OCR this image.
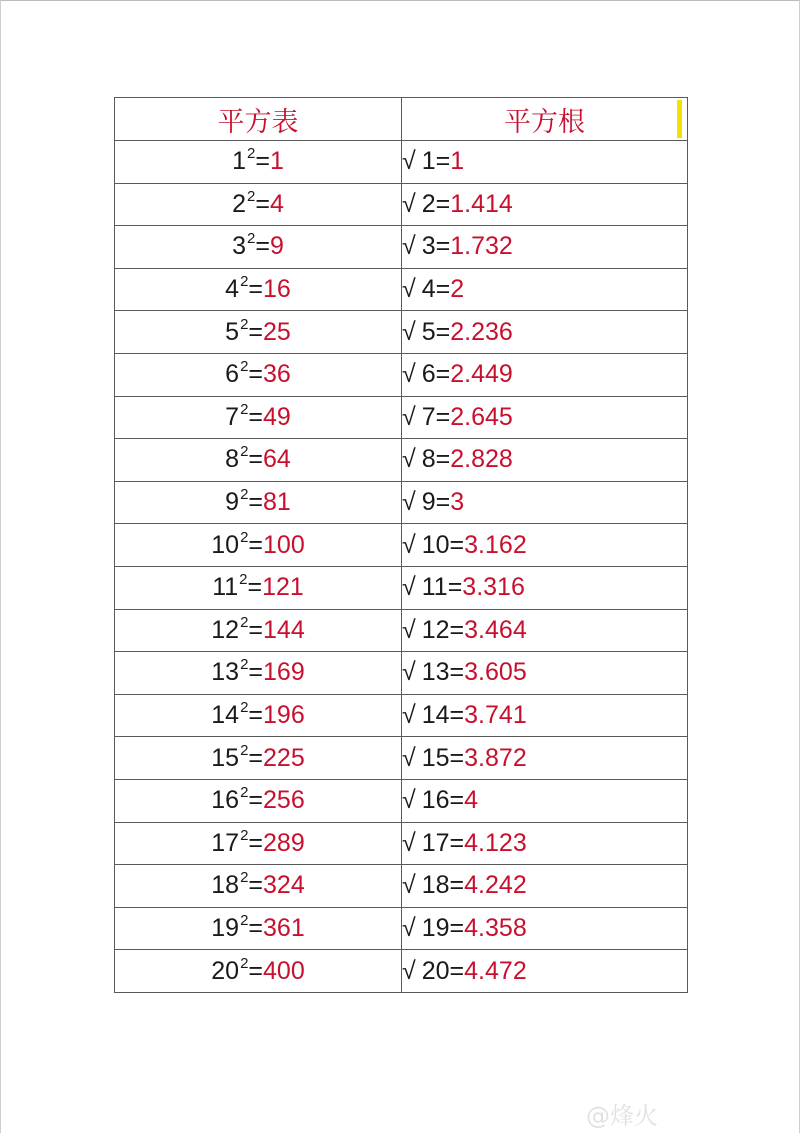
平方表	平方根

$1^2=1$	√ 1=1
$2^2=4$	√ 2=1.414
$3^2=9$	√ 3=1.732
$4^2=16$	√ 4=2
$5^2=25$	√ 5=2.236
$6^2=36$	√ 6=2.449
$7^2=49$	√ 7=2.645
$8^2=64$	√ 8=2.828
$9^2=81$	√ 9=3
$10^2=100$	√ 10=3.162
$11^2=121$	√ 11=3.316
$12^2=144$	√ 12=3.464
$13^2=169$	√ 13=3.605
$14^2=196$	√ 14=3.741
$15^2=225$	√ 15=3.872
$16^2=256$	√ 16=4
$17^2=289$	√ 17=4.123
$18^2=324$	√ 18=4.242
$19^2=361$	√ 19=4.358
$20^2=400$	√ 20=4.472
@烽火
